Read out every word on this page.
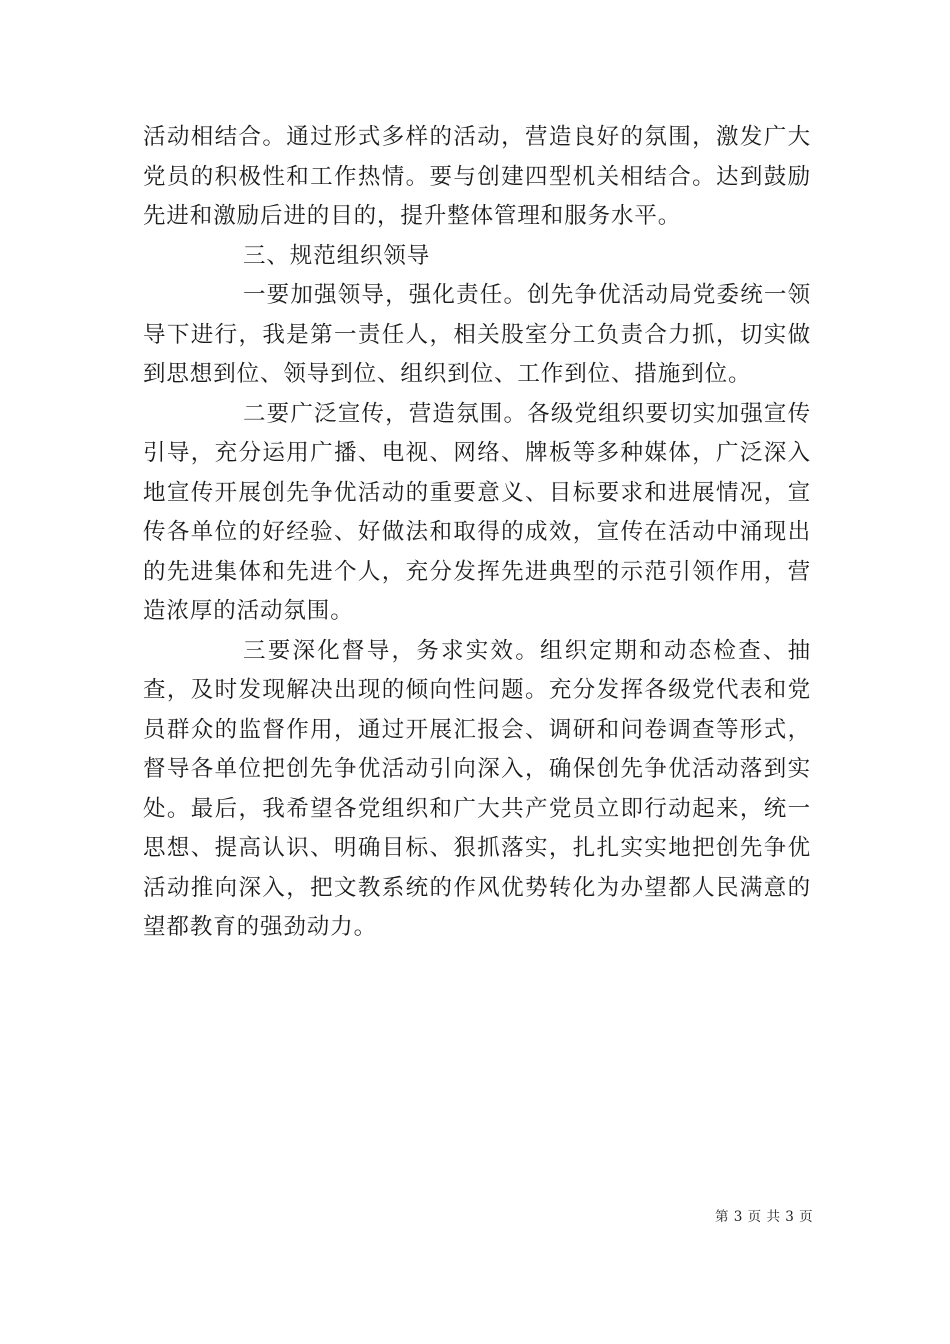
活动相结合。通过形式多样的活动，营造良好的氛围，激发广大党员的积极性和工作热情。要与创建四型机关相结合。达到鼓励先进和激励后进的目的，提升整体管理和服务水平。

三、规范组织领导

一要加强领导，强化责任。创先争优活动局党委统一领导下进行，我是第一责任人，相关股室分工负责合力抓，切实做到思想到位、领导到位、组织到位、工作到位、措施到位。

二要广泛宣传，营造氛围。各级党组织要切实加强宣传引导，充分运用广播、电视、网络、牌板等多种媒体，广泛深入地宣传开展创先争优活动的重要意义、目标要求和进展情况，宣传各单位的好经验、好做法和取得的成效，宣传在活动中涌现出的先进集体和先进个人，充分发挥先进典型的示范引领作用，营造浓厚的活动氛围。

三要深化督导，务求实效。组织定期和动态检查、抽查，及时发现解决出现的倾向性问题。充分发挥各级党代表和党员群众的监督作用，通过开展汇报会、调研和问卷调查等形式，督导各单位把创先争优活动引向深入，确保创先争优活动落到实处。最后，我希望各党组织和广大共产党员立即行动起来，统一思想、提高认识、明确目标、狠抓落实，扎扎实实地把创先争优活动推向深入，把文教系统的作风优势转化为办望都人民满意的望都教育的强劲动力。

第 3 页 共 3 页
